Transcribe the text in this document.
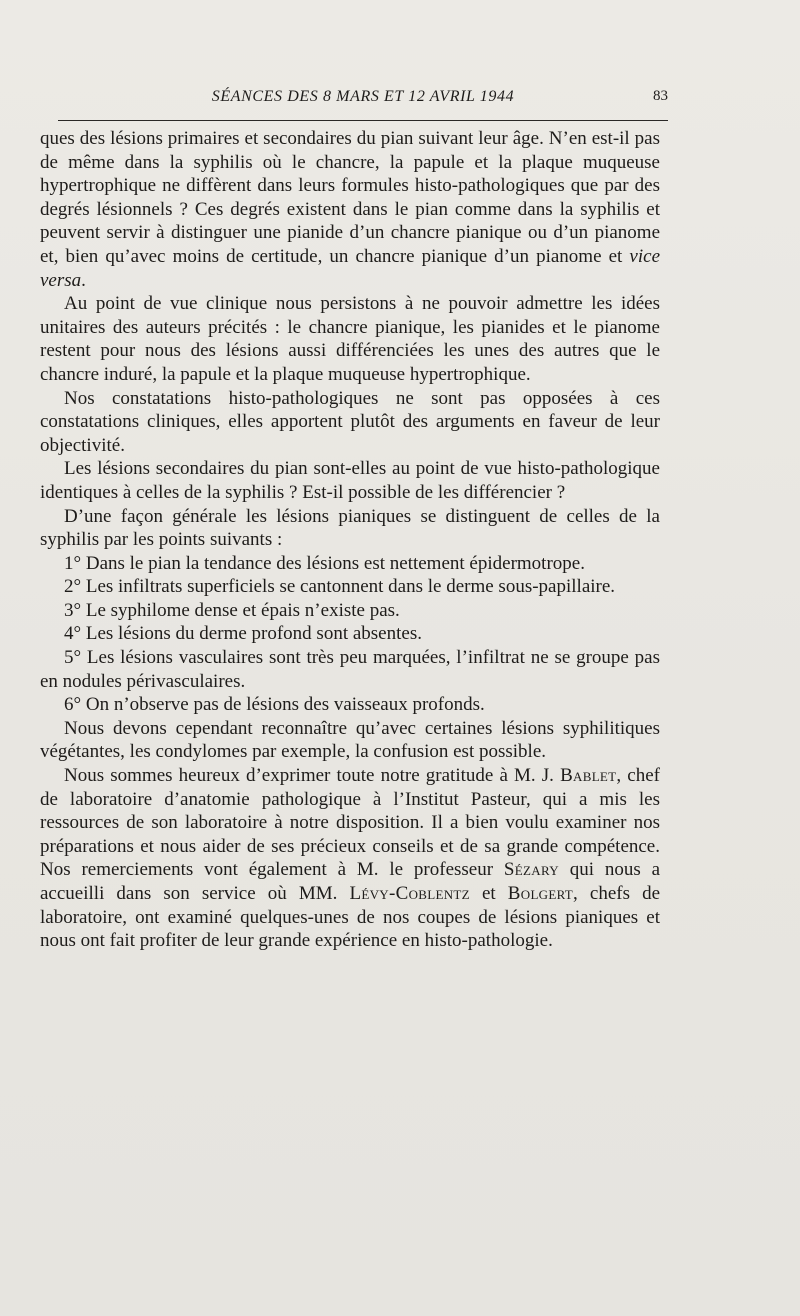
SÉANCES DES 8 MARS ET 12 AVRIL 1944	83

ques des lésions primaires et secondaires du pian suivant leur âge. N’en est-il pas de même dans la syphilis où le chancre, la papule et la plaque muqueuse hypertrophique ne diffèrent dans leurs formules histo-pathologiques que par des degrés lésionnels ? Ces degrés existent dans le pian comme dans la syphilis et peuvent servir à distinguer une pianide d’un chancre pianique ou d’un pianome et, bien qu’avec moins de certitude, un chancre pianique d’un pianome et vice versa.

Au point de vue clinique nous persistons à ne pouvoir admettre les idées unitaires des auteurs précités : le chancre pianique, les pianides et le pianome restent pour nous des lésions aussi différenciées les unes des autres que le chancre induré, la papule et la plaque muqueuse hypertrophique.

Nos constatations histo-pathologiques ne sont pas opposées à ces constatations cliniques, elles apportent plutôt des arguments en faveur de leur objectivité.

Les lésions secondaires du pian sont-elles au point de vue histo-pathologique identiques à celles de la syphilis ? Est-il possible de les différencier ?

D’une façon générale les lésions pianiques se distinguent de celles de la syphilis par les points suivants :

1° Dans le pian la tendance des lésions est nettement épidermotrope.

2° Les infiltrats superficiels se cantonnent dans le derme sous-papillaire.

3° Le syphilome dense et épais n’existe pas.

4° Les lésions du derme profond sont absentes.

5° Les lésions vasculaires sont très peu marquées, l’infiltrat ne se groupe pas en nodules périvasculaires.

6° On n’observe pas de lésions des vaisseaux profonds.

Nous devons cependant reconnaître qu’avec certaines lésions syphilitiques végétantes, les condylomes par exemple, la confusion est possible.

Nous sommes heureux d’exprimer toute notre gratitude à M. J. Bablet, chef de laboratoire d’anatomie pathologique à l’Institut Pasteur, qui a mis les ressources de son laboratoire à notre disposition. Il a bien voulu examiner nos préparations et nous aider de ses précieux conseils et de sa grande compétence. Nos remerciements vont également à M. le professeur Sézary qui nous a accueilli dans son service où MM. Lévy-Coblentz et Bolgert, chefs de laboratoire, ont examiné quelques-unes de nos coupes de lésions pianiques et nous ont fait profiter de leur grande expérience en histo-pathologie.
